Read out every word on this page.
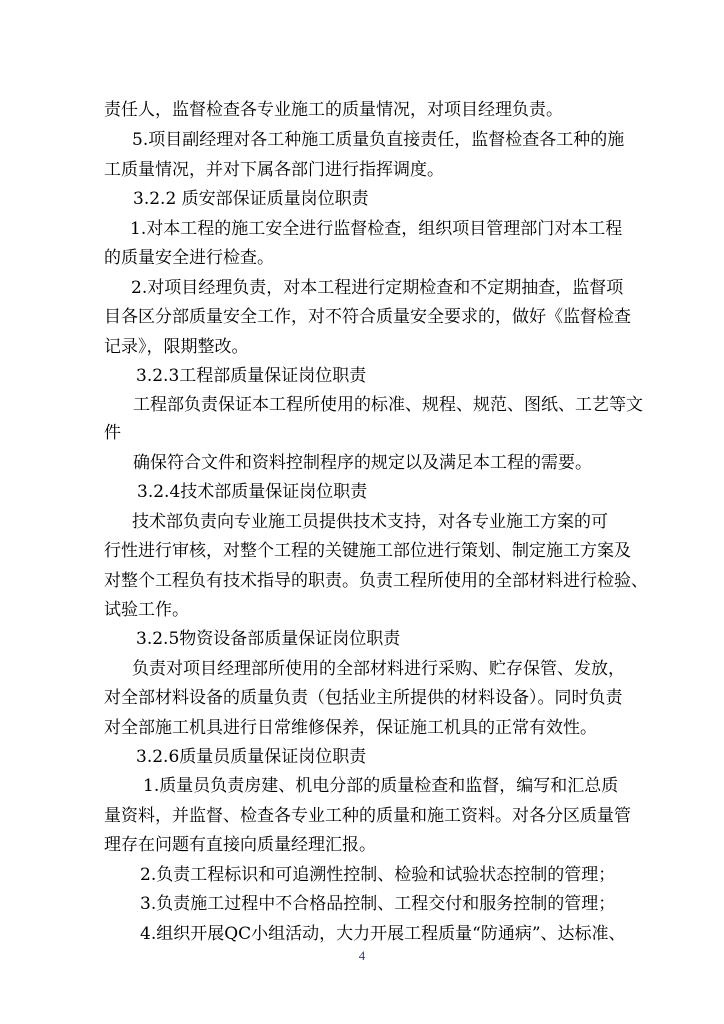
责任人，监督检查各专业施工的质量情况，对项目经理负责。
5.项目副经理对各工种施工质量负直接责任，监督检查各工种的施
工质量情况，并对下属各部门进行指挥调度。
3.2.2 质安部保证质量岗位职责
1.对本工程的施工安全进行监督检查，组织项目管理部门对本工程
的质量安全进行检查。
2.对项目经理负责，对本工程进行定期检查和不定期抽查，监督项
目各区分部质量安全工作，对不符合质量安全要求的，做好《监督检查
记录》，限期整改。
3.2.3工程部质量保证岗位职责
工程部负责保证本工程所使用的标准、规程、规范、图纸、工艺等文
件
确保符合文件和资料控制程序的规定以及满足本工程的需要。
3.2.4技术部质量保证岗位职责
技术部负责向专业施工员提供技术支持，对各专业施工方案的可
行性进行审核，对整个工程的关键施工部位进行策划、制定施工方案及
对整个工程负有技术指导的职责。负责工程所使用的全部材料进行检验、
试验工作。
3.2.5物资设备部质量保证岗位职责
负责对项目经理部所使用的全部材料进行采购、贮存保管、发放，
对全部材料设备的质量负责（包括业主所提供的材料设备）。同时负责
对全部施工机具进行日常维修保养，保证施工机具的正常有效性。
3.2.6质量员质量保证岗位职责
1.质量员负责房建、机电分部的质量检查和监督，编写和汇总质
量资料，并监督、检查各专业工种的质量和施工资料。对各分区质量管
理存在问题有直接向质量经理汇报。
2.负责工程标识和可追溯性控制、检验和试验状态控制的管理；
3.负责施工过程中不合格品控制、工程交付和服务控制的管理；
4.组织开展QC小组活动，大力开展工程质量“防通病”、达标准、
4
